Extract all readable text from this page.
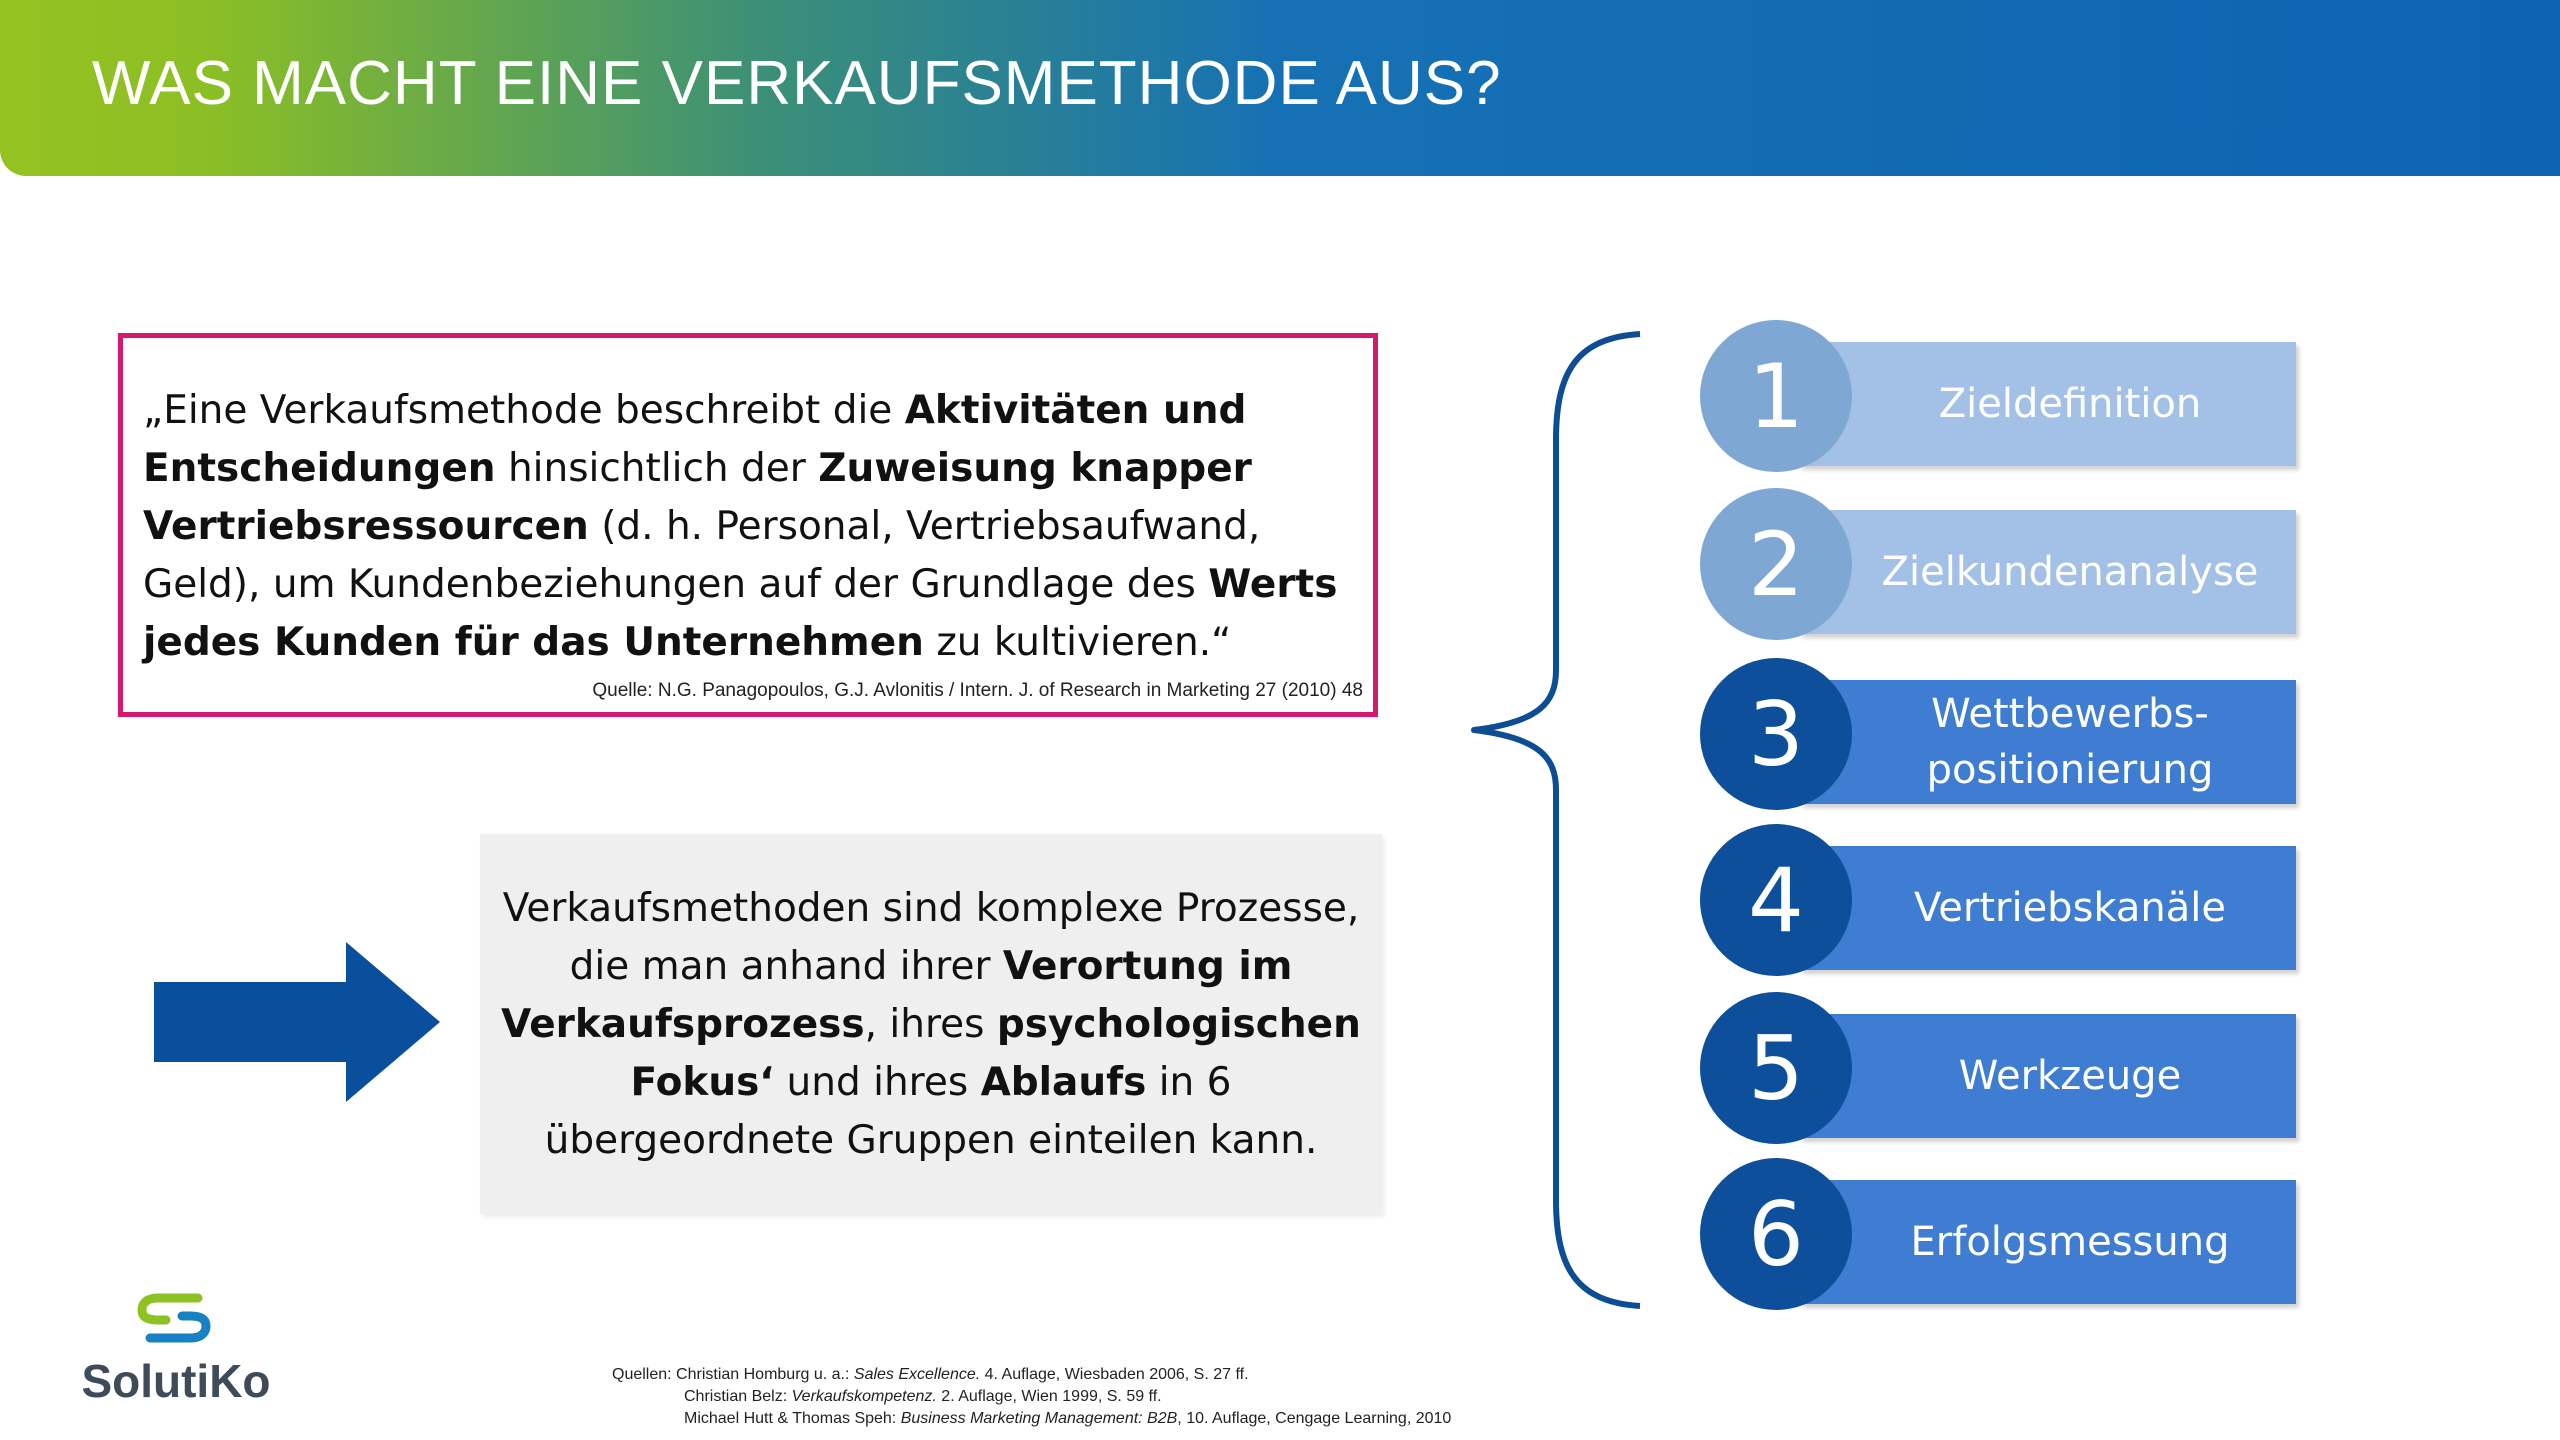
WAS MACHT EINE VERKAUFSMETHODE AUS?
„Eine Verkaufsmethode beschreibt die Aktivitäten und Entscheidungen hinsichtlich der Zuweisung knapper Vertriebsressourcen (d. h. Personal, Vertriebsaufwand, Geld), um Kundenbeziehungen auf der Grundlage des Werts jedes Kunden für das Unternehmen zu kultivieren.“
Quelle: N.G. Panagopoulos, G.J. Avlonitis / Intern. J. of Research in Marketing 27 (2010) 48
Verkaufsmethoden sind komplexe Prozesse, die man anhand ihrer Verortung im Verkaufsprozess, ihres psychologischen Fokus‘ und ihres Ablaufs in 6 übergeordnete Gruppen einteilen kann.
Zieldefinition
1
Zielkundenanalyse
2
Wettbewerbs-
positionierung
3
Vertriebskanäle
4
Werkzeuge
5
Erfolgsmessung
6
SolutiKo	Quellen: Christian Homburg u. a.: Sales Excellence. 4. Auflage, Wiesbaden 2006, S. 27 ff.
Christian Belz: Verkaufskompetenz. 2. Auflage, Wien 1999, S. 59 ff.
Michael Hutt & Thomas Speh: Business Marketing Management: B2B, 10. Auflage, Cengage Learning, 2010
